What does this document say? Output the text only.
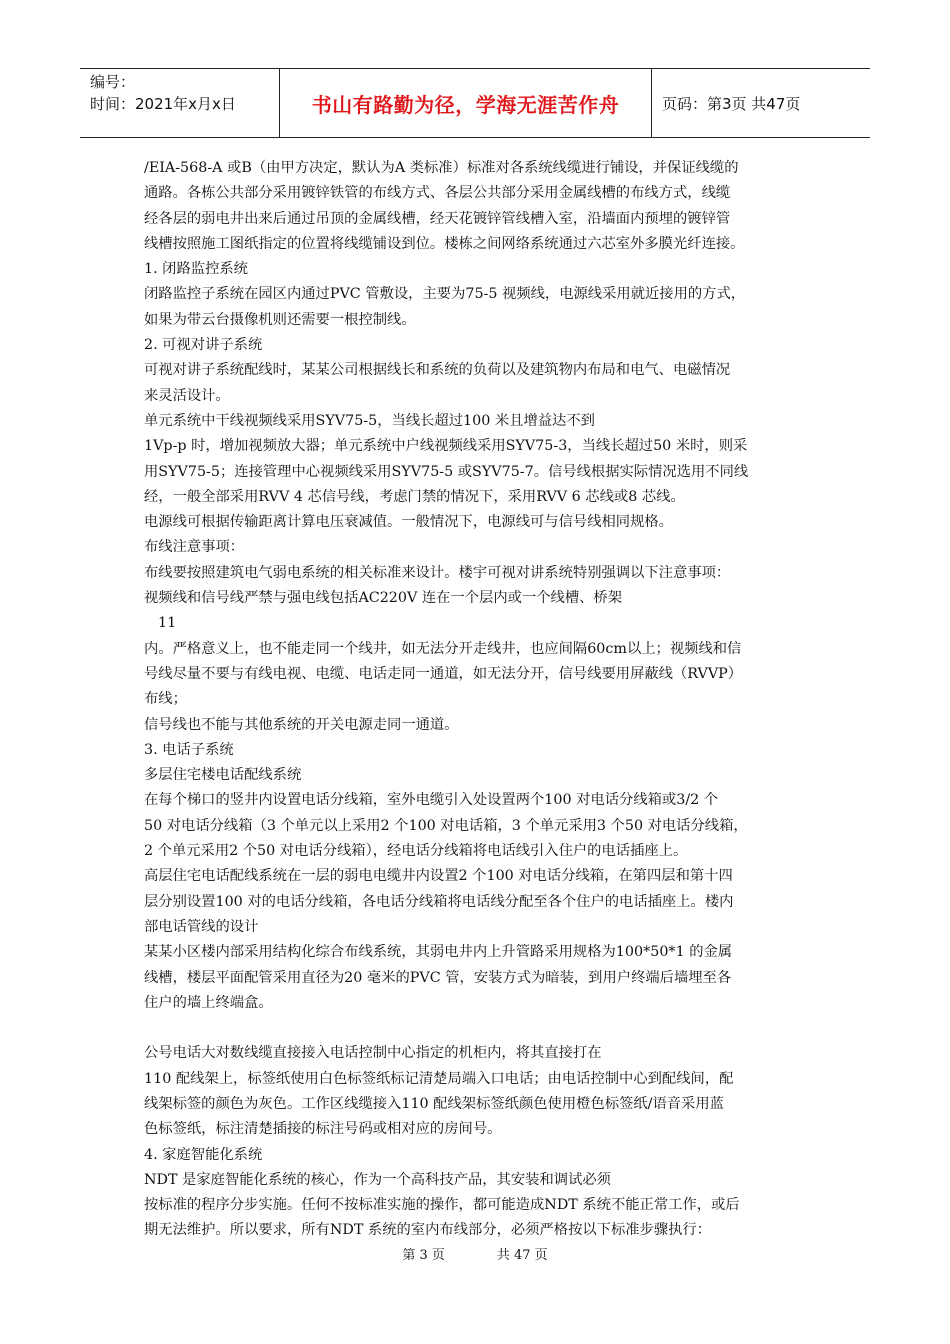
编号：
时间：2021年x月x日	书山有路勤为径，学海无涯苦作舟	页码：第3页 共47页
/EIA-568-A 或B（由甲方决定，默认为A 类标准）标准对各系统线缆进行铺设，并保证线缆的
通路。各栋公共部分采用镀锌铁管的布线方式、各层公共部分采用金属线槽的布线方式，线缆
经各层的弱电井出来后通过吊顶的金属线槽，经天花镀锌管线槽入室，沿墙面内预埋的镀锌管
线槽按照施工图纸指定的位置将线缆铺设到位。楼栋之间网络系统通过六芯室外多膜光纤连接。
1. 闭路监控系统
闭路监控子系统在园区内通过PVC 管敷设，主要为75-5 视频线，电源线采用就近接用的方式，
如果为带云台摄像机则还需要一根控制线。
2. 可视对讲子系统
可视对讲子系统配线时，某某公司根据线长和系统的负荷以及建筑物内布局和电气、电磁情况
来灵活设计。
单元系统中干线视频线采用SYV75-5，当线长超过100 米且增益达不到
1Vp-p 时，增加视频放大器；单元系统中户线视频线采用SYV75-3，当线长超过50 米时，则采
用SYV75-5；连接管理中心视频线采用SYV75-5 或SYV75-7。信号线根据实际情况选用不同线
经，一般全部采用RVV 4 芯信号线，考虑门禁的情况下，采用RVV 6 芯线或8 芯线。
电源线可根据传输距离计算电压衰减值。一般情况下，电源线可与信号线相同规格。
布线注意事项：
布线要按照建筑电气弱电系统的相关标准来设计。楼宇可视对讲系统特别强调以下注意事项：
视频线和信号线严禁与强电线包括AC220V 连在一个层内或一个线槽、桥架
11
内。严格意义上，也不能走同一个线井，如无法分开走线井，也应间隔60cm以上；视频线和信
号线尽量不要与有线电视、电缆、电话走同一通道，如无法分开，信号线要用屏蔽线（RVVP）
布线；
信号线也不能与其他系统的开关电源走同一通道。
3. 电话子系统
多层住宅楼电话配线系统
在每个梯口的竖井内设置电话分线箱，室外电缆引入处设置两个100 对电话分线箱或3/2 个
50 对电话分线箱（3 个单元以上采用2 个100 对电话箱，3 个单元采用3 个50 对电话分线箱，
2 个单元采用2 个50 对电话分线箱），经电话分线箱将电话线引入住户的电话插座上。
高层住宅电话配线系统在一层的弱电电缆井内设置2 个100 对电话分线箱，在第四层和第十四
层分别设置100 对的电话分线箱，各电话分线箱将电话线分配至各个住户的电话插座上。楼内
部电话管线的设计
某某小区楼内部采用结构化综合布线系统，其弱电井内上升管路采用规格为100*50*1 的金属
线槽，楼层平面配管采用直径为20 毫米的PVC 管，安装方式为暗装，到用户终端后墙埋至各
住户的墙上终端盒。
公号电话大对数线缆直接接入电话控制中心指定的机柜内，将其直接打在
110 配线架上，标签纸使用白色标签纸标记清楚局端入口电话；由电话控制中心到配线间，配
线架标签的颜色为灰色。工作区线缆接入110 配线架标签纸颜色使用橙色标签纸/语音采用蓝
色标签纸，标注清楚插接的标注号码或相对应的房间号。
4. 家庭智能化系统
NDT 是家庭智能化系统的核心，作为一个高科技产品，其安装和调试必须
按标准的程序分步实施。任何不按标准实施的操作，都可能造成NDT 系统不能正常工作，或后
期无法维护。所以要求，所有NDT 系统的室内布线部分，必须严格按以下标准步骤执行：
第 3 页	共 47 页
